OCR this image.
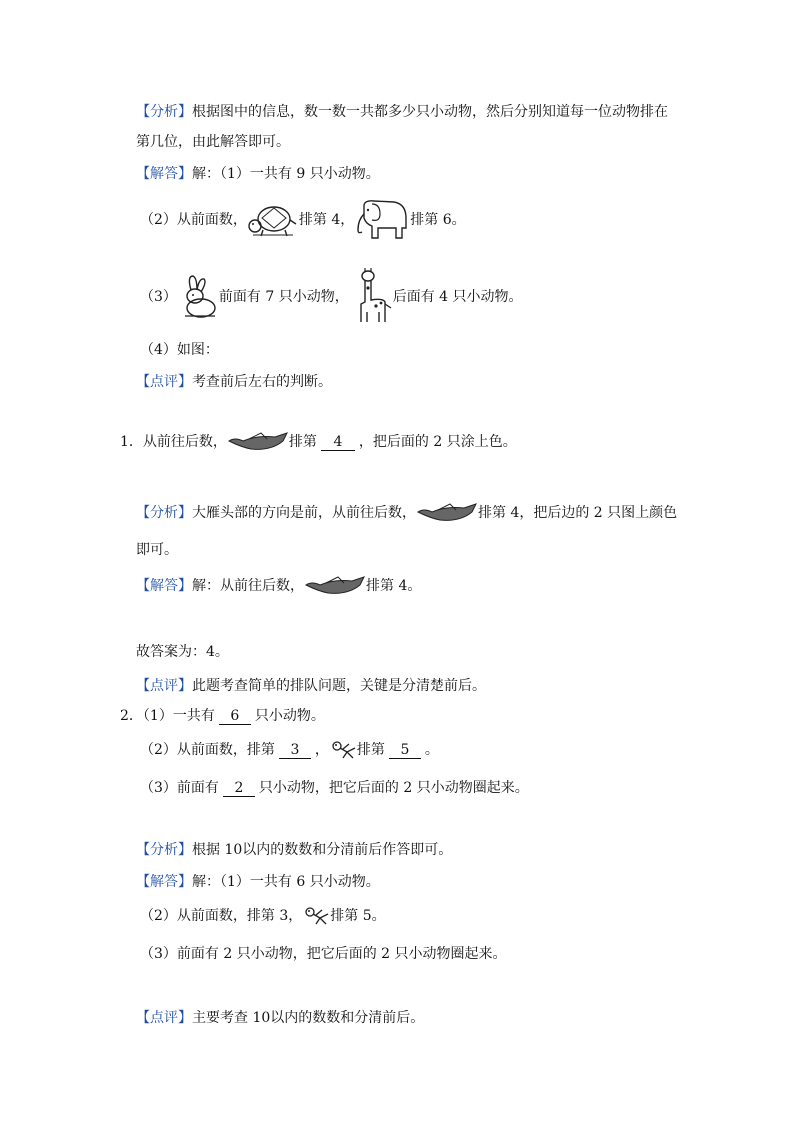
【分析】根据图中的信息，数一数一共都多少只小动物，然后分别知道每一位动物排在
第几位，由此解答即可。
【解答】解：（1）一共有 9 只小动物。
（2）从前面数，	排第 4，	排第 6。
（3）	前面有 7 只小动物，	后面有 4 只小动物。
（4）如图：
【点评】考查前后左右的判断。
1．从前往后数，	排第 4 ，把后面的 2 只涂上色。
【分析】大雁头部的方向是前，从前往后数，	排第 4，把后边的 2 只图上颜色
即可。
【解答】解：从前往后数，	排第 4。
故答案为：4。
【点评】此题考查简单的排队问题，关键是分清楚前后。
2．（1）一共有 6 只小动物。
（2）从前面数，排第 3 ， 排第 5 。
（3）前面有 2 只小动物，把它后面的 2 只小动物圈起来。
【分析】根据 10以内的数数和分清前后作答即可。
【解答】解：（1）一共有 6 只小动物。
（2）从前面数，排第 3， 排第 5。
（3）前面有 2 只小动物，把它后面的 2 只小动物圈起来。
【点评】主要考查 10以内的数数和分清前后。
